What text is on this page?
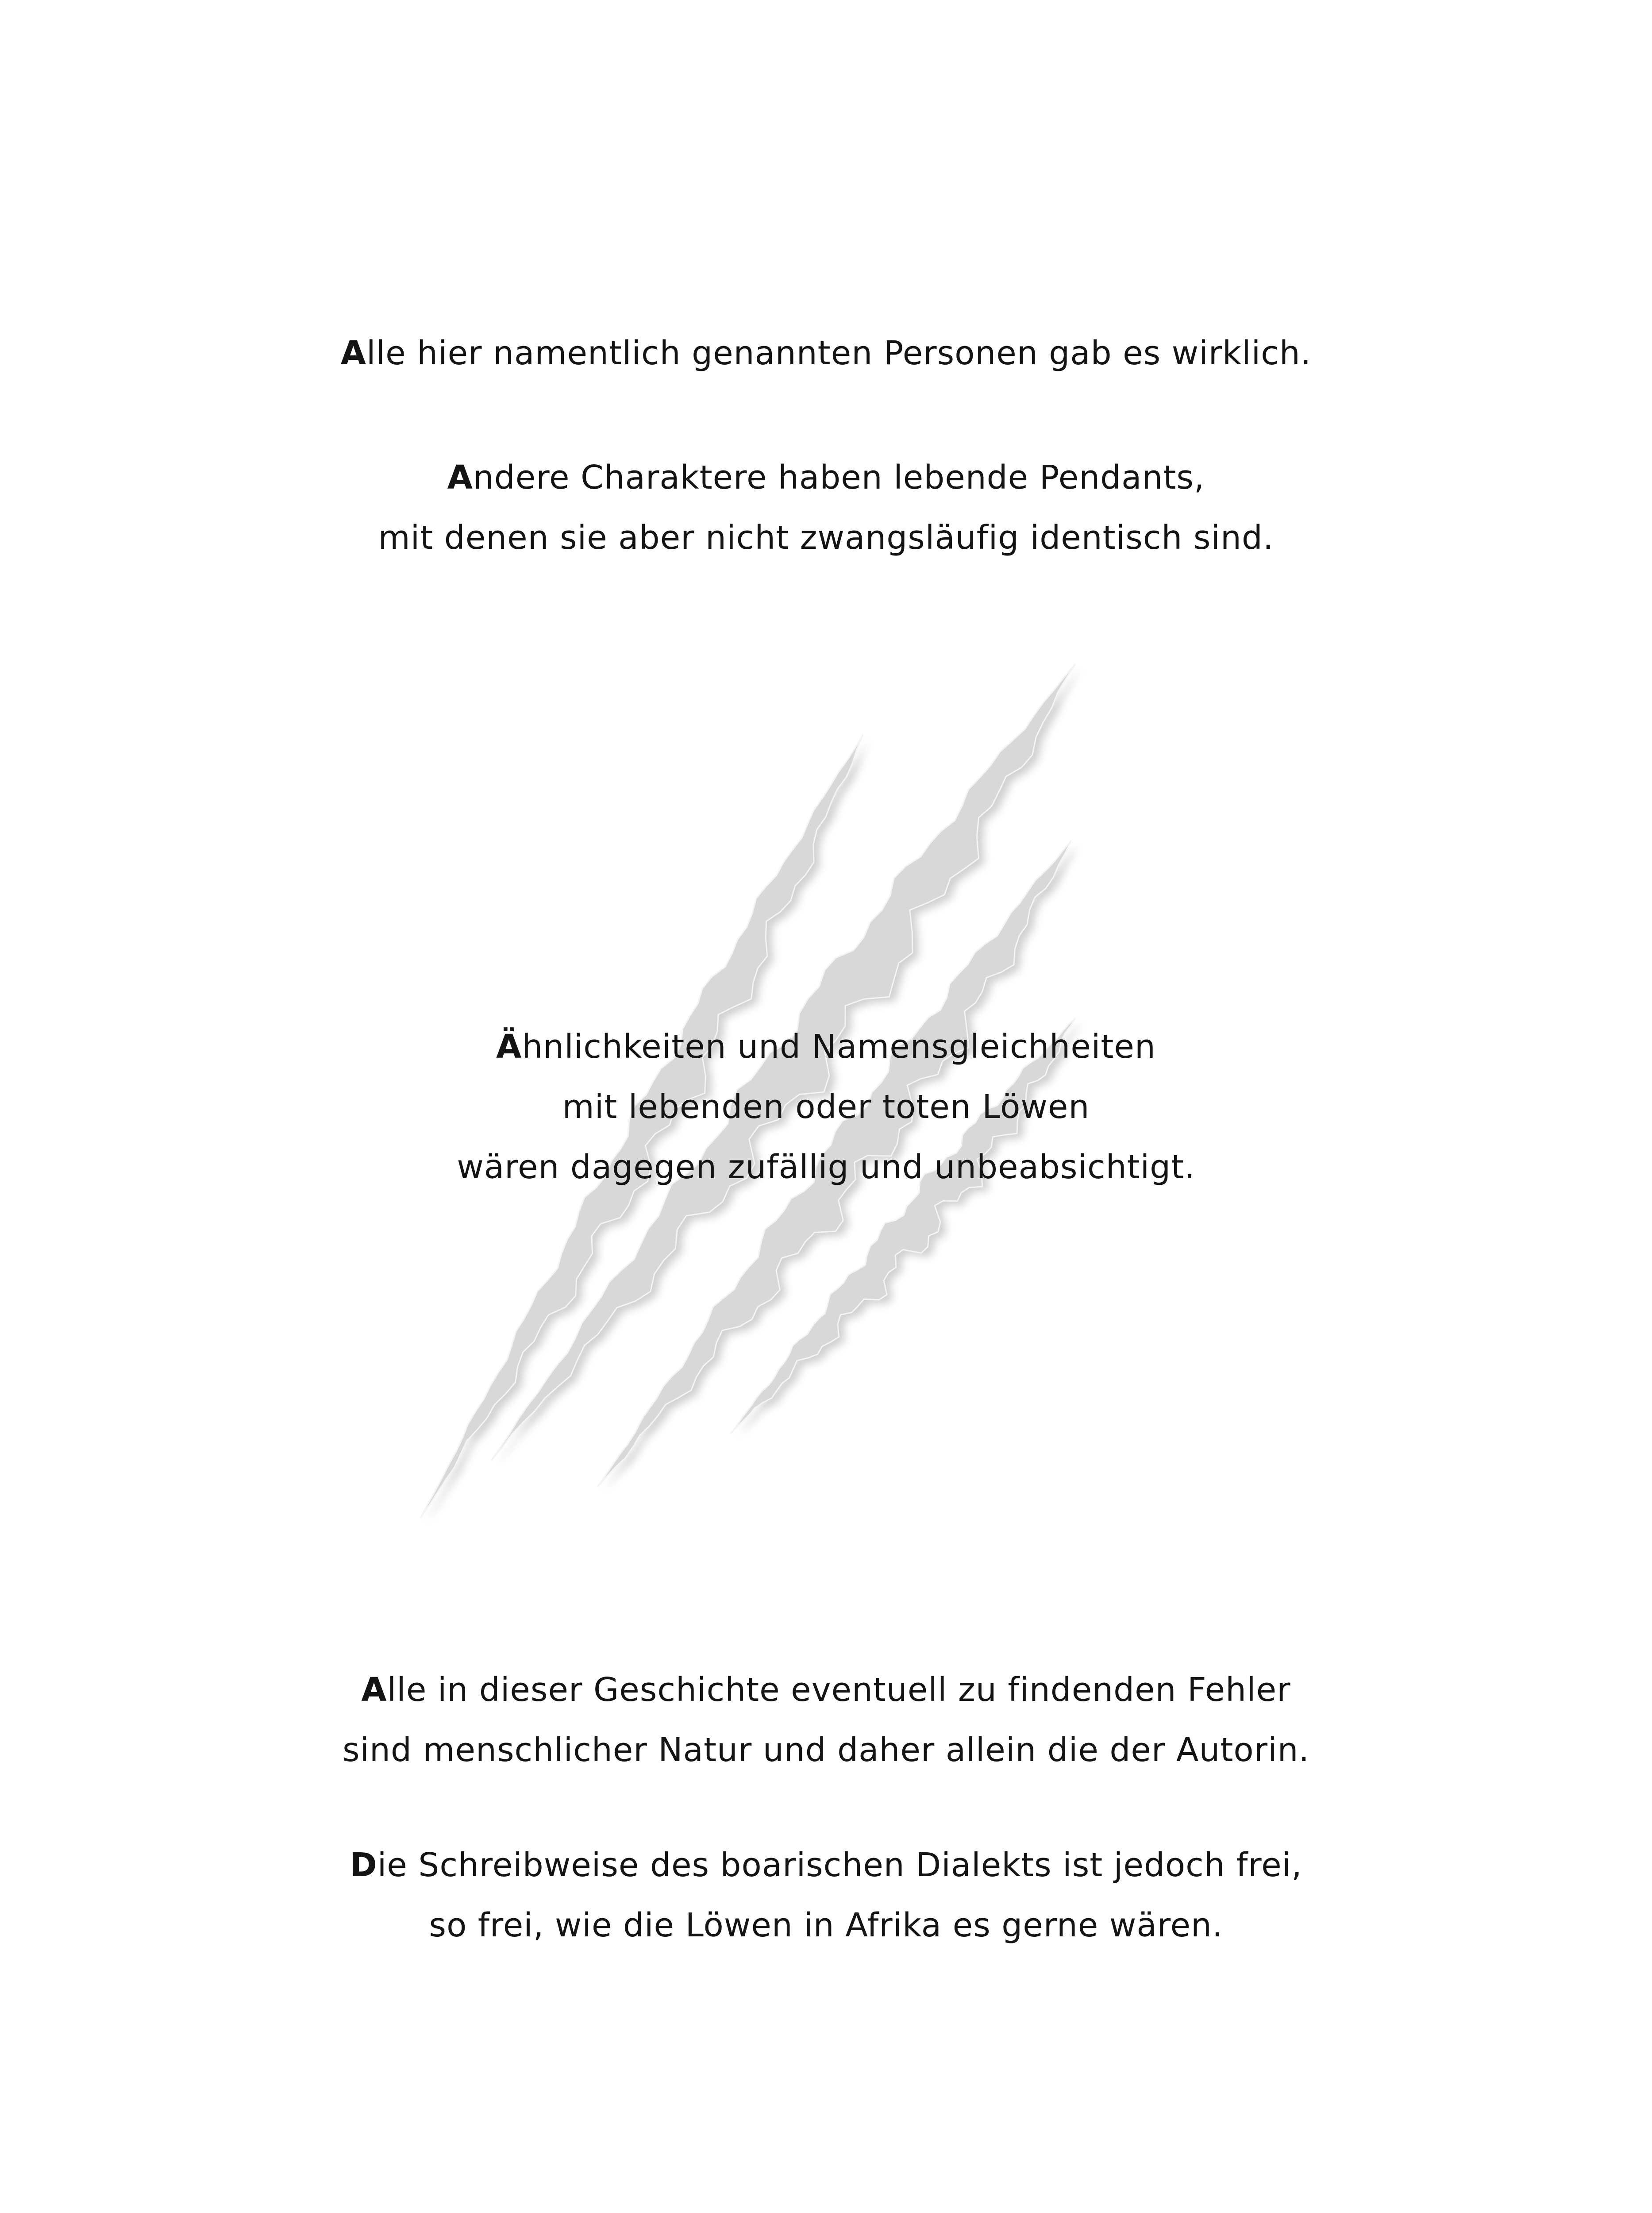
Alle hier namentlich genannten Personen gab es wirklich.

Andere Charaktere haben lebende Pendants,
mit denen sie aber nicht zwangsläufig identisch sind.

Ähnlichkeiten und Namensgleichheiten
mit lebenden oder toten Löwen
wären dagegen zufällig und unbeabsichtigt.

Alle in dieser Geschichte eventuell zu findenden Fehler
sind menschlicher Natur und daher allein die der Autorin.

Die Schreibweise des boarischen Dialekts ist jedoch frei,
so frei, wie die Löwen in Afrika es gerne wären.
